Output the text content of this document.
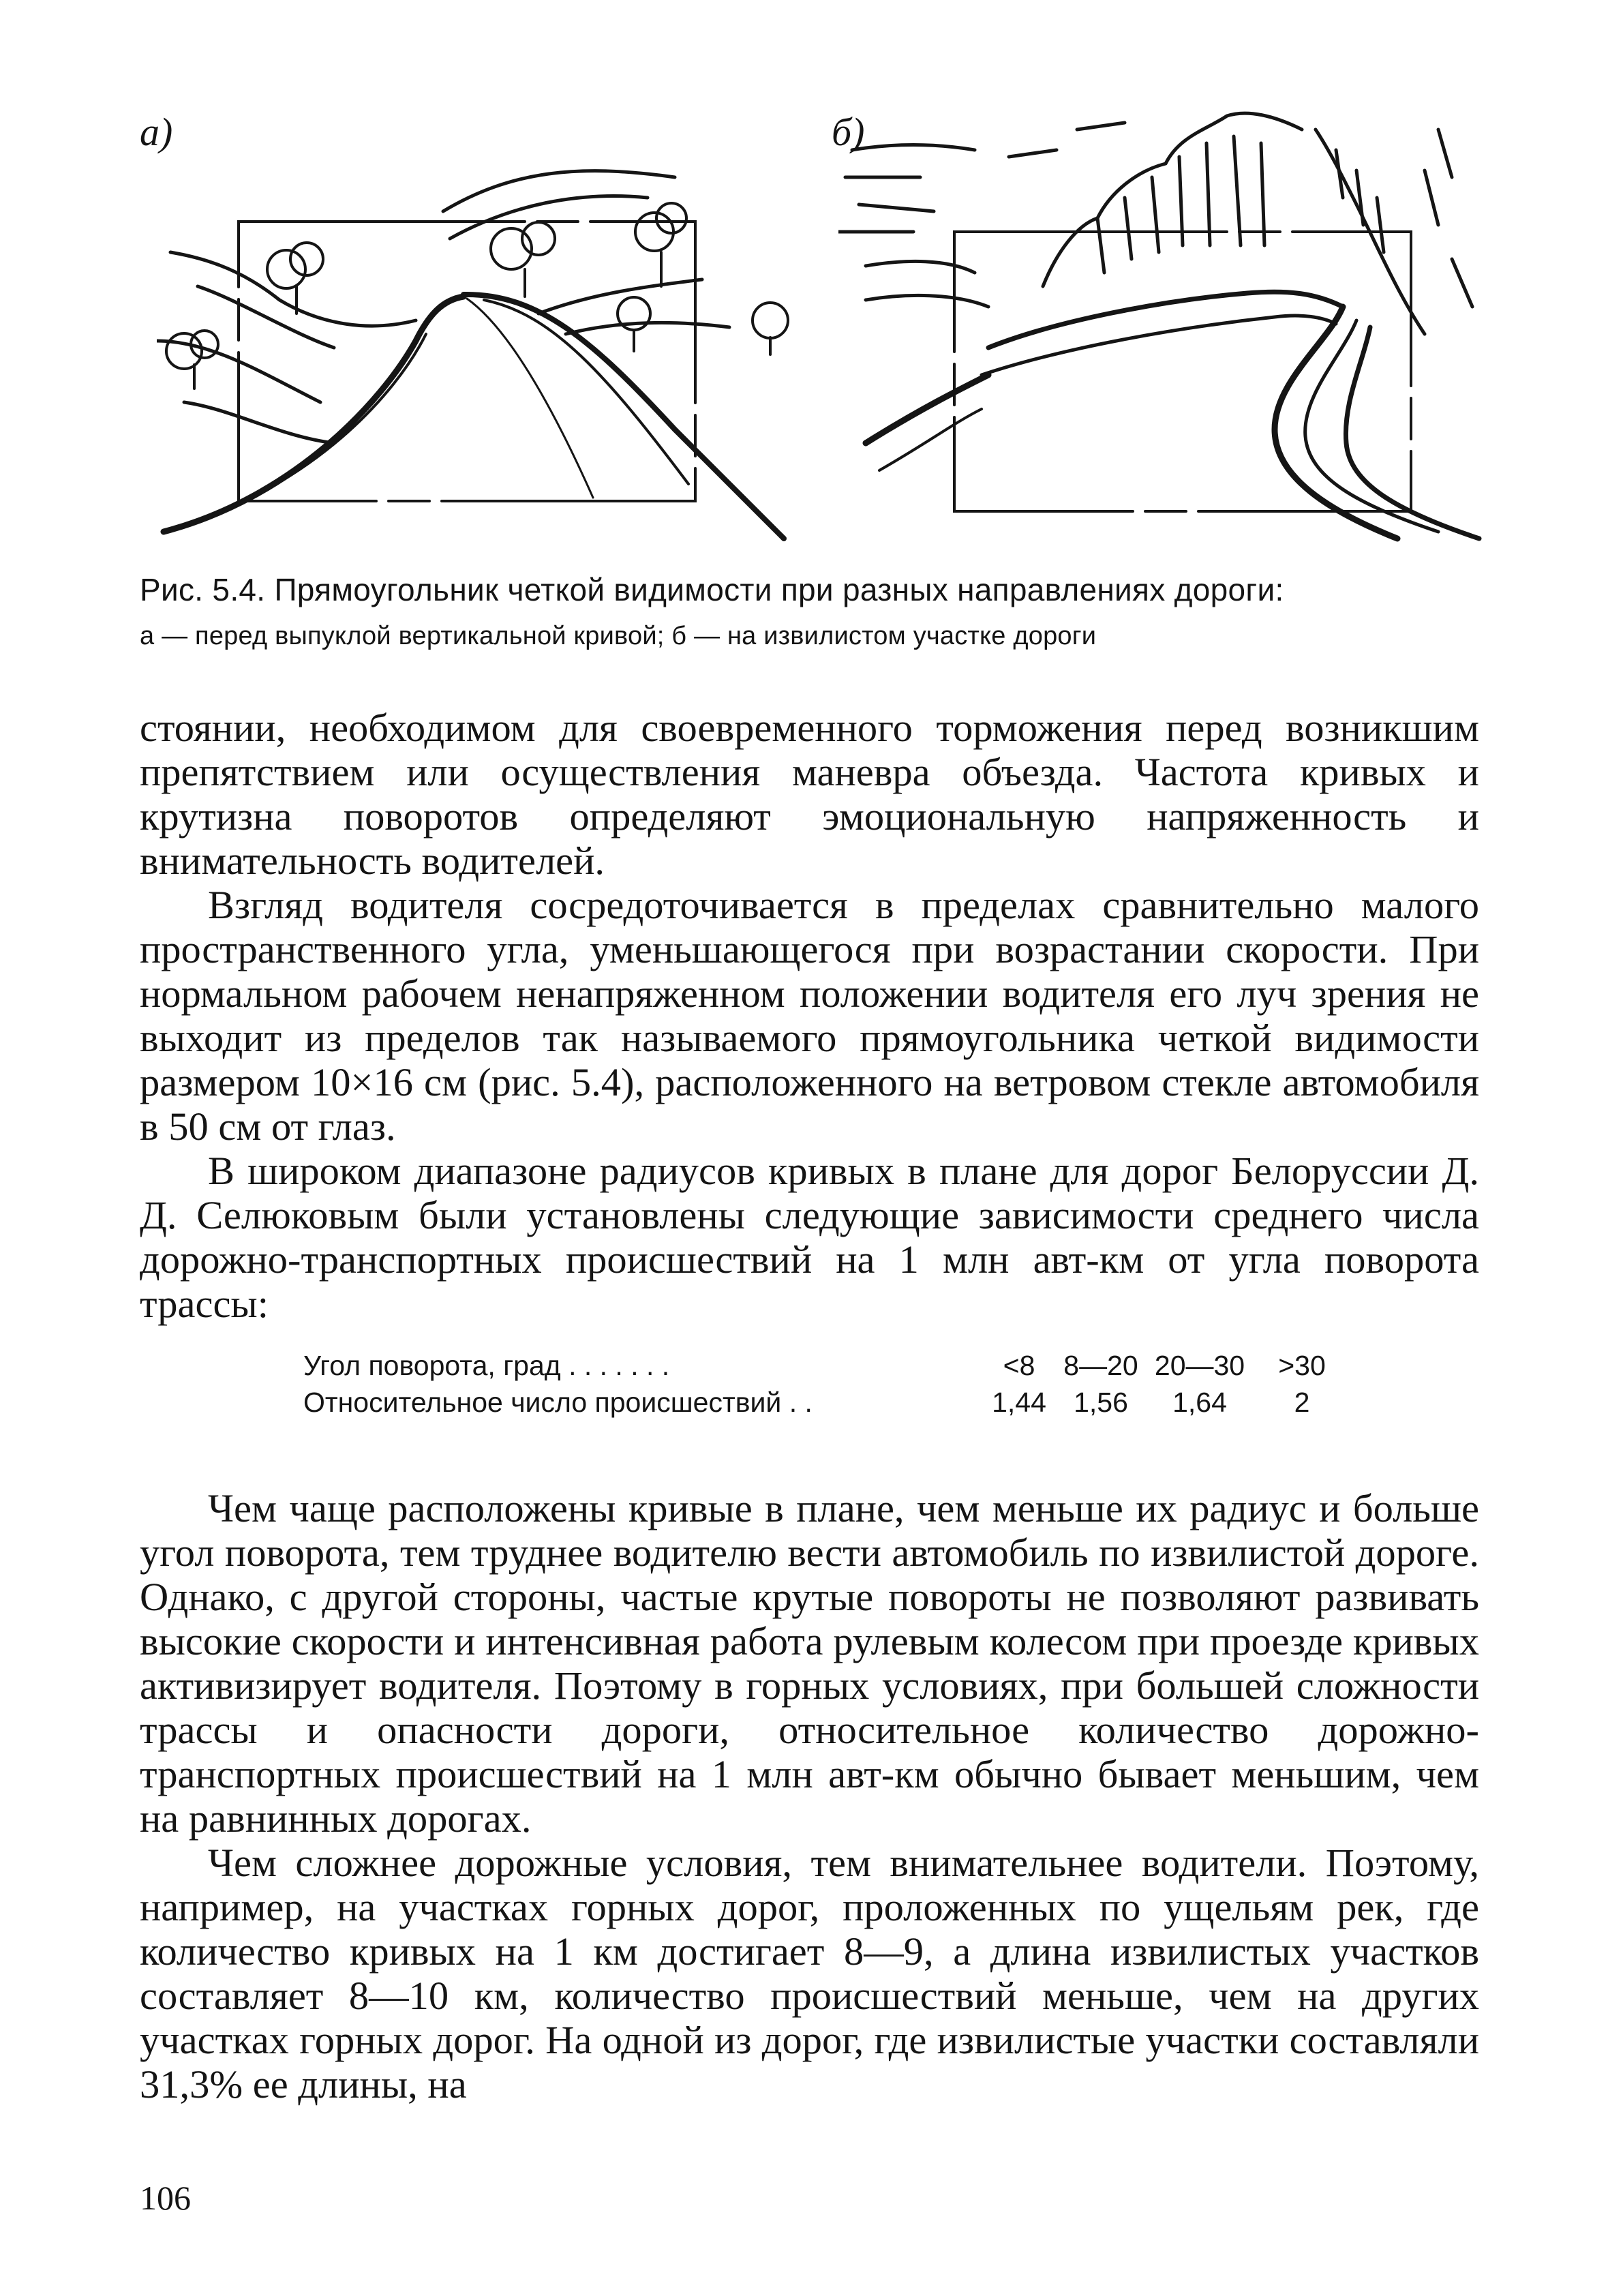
а)	б)
Рис. 5.4. Прямоугольник четкой видимости при разных направлениях дороги:
а — перед выпуклой вертикальной кривой; б — на извилистом участке дороги

стоянии, необходимом для своевременного торможения перед возникшим препятствием или осуществления маневра объезда. Частота кривых и крутизна поворотов определяют эмоциональную напряженность и внимательность водителей.

Взгляд водителя сосредоточивается в пределах сравнительно малого пространственного угла, уменьшающегося при возрастании скорости. При нормальном рабочем ненапряженном положении водителя его луч зрения не выходит из пределов так называемого прямоугольника четкой видимости размером 10×16 см (рис. 5.4), расположенного на ветровом стекле автомобиля в 50 см от глаз.

В широком диапазоне радиусов кривых в плане для дорог Белоруссии Д. Д. Селюковым были установлены следующие зависимости среднего числа дорожно-транспортных происшествий на 1 млн авт-км от угла поворота трассы:

Угол поворота, град . . . . . . .	<8	8—20	20—30	>30
Относительное число происшествий . .	1,44	1,56	1,64	2

Чем чаще расположены кривые в плане, чем меньше их радиус и больше угол поворота, тем труднее водителю вести автомобиль по извилистой дороге. Однако, с другой стороны, частые крутые повороты не позволяют развивать высокие скорости и интенсивная работа рулевым колесом при проезде кривых активизирует водителя. Поэтому в горных условиях, при большей сложности трассы и опасности дороги, относительное количество дорожно-транспортных происшествий на 1 млн авт-км обычно бывает меньшим, чем на равнинных дорогах.

Чем сложнее дорожные условия, тем внимательнее водители. Поэтому, например, на участках горных дорог, проложенных по ущельям рек, где количество кривых на 1 км достигает 8—9, а длина извилистых участков составляет 8—10 км, количество происшествий меньше, чем на других участках горных дорог. На одной из дорог, где извилистые участки составляли 31,3% ее длины, на

106
